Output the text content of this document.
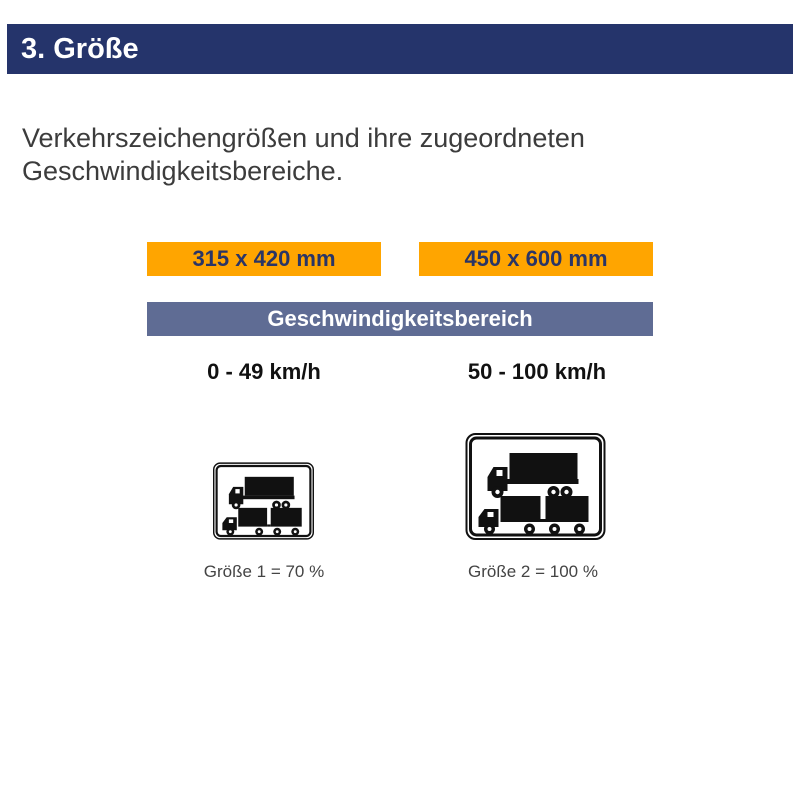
3. Größe
Verkehrszeichengrößen und ihre zugeordneten Geschwindigkeitsbereiche.
315 x 420 mm	450 x 600 mm
Geschwindigkeitsbereich
0 - 49 km/h	50 - 100 km/h
Größe 1 = 70 %	Größe 2 = 100 %
